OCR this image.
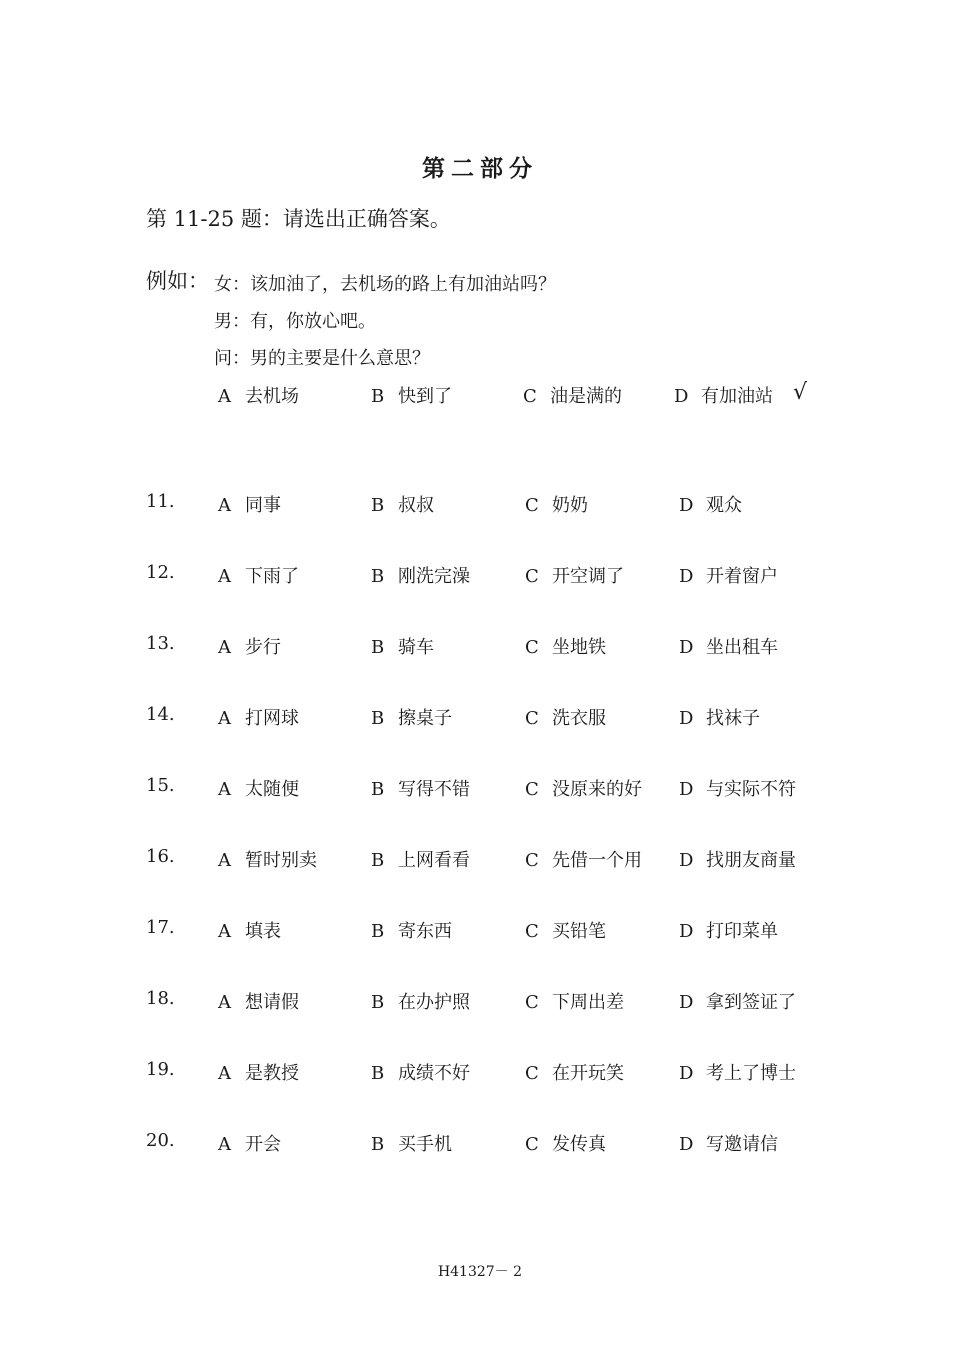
第二部分
第 11-25 题：请选出正确答案。
例如： 女：该加油了，去机场的路上有加油站吗？
男：有，你放心吧。
问：男的主要是什么意思？
A 去机场	B 快到了	C 油是满的	D 有加油站 √
11. A 同事	B 叔叔	C 奶奶	D 观众
12. A 下雨了	B 刚洗完澡	C 开空调了	D 开着窗户
13. A 步行	B 骑车	C 坐地铁	D 坐出租车
14. A 打网球	B 擦桌子	C 洗衣服	D 找袜子
15. A 太随便	B 写得不错	C 没原来的好 D 与实际不符
16. A 暂时别卖	B 上网看看	C 先借一个用 D 找朋友商量
17. A 填表	B 寄东西	C 买铅笔	D 打印菜单
18. A 想请假	B 在办护照	C 下周出差	D 拿到签证了
19. A 是教授	B 成绩不好	C 在开玩笑	D 考上了博士
20. A 开会	B 买手机	C 发传真	D 写邀请信
H41327－ 2
